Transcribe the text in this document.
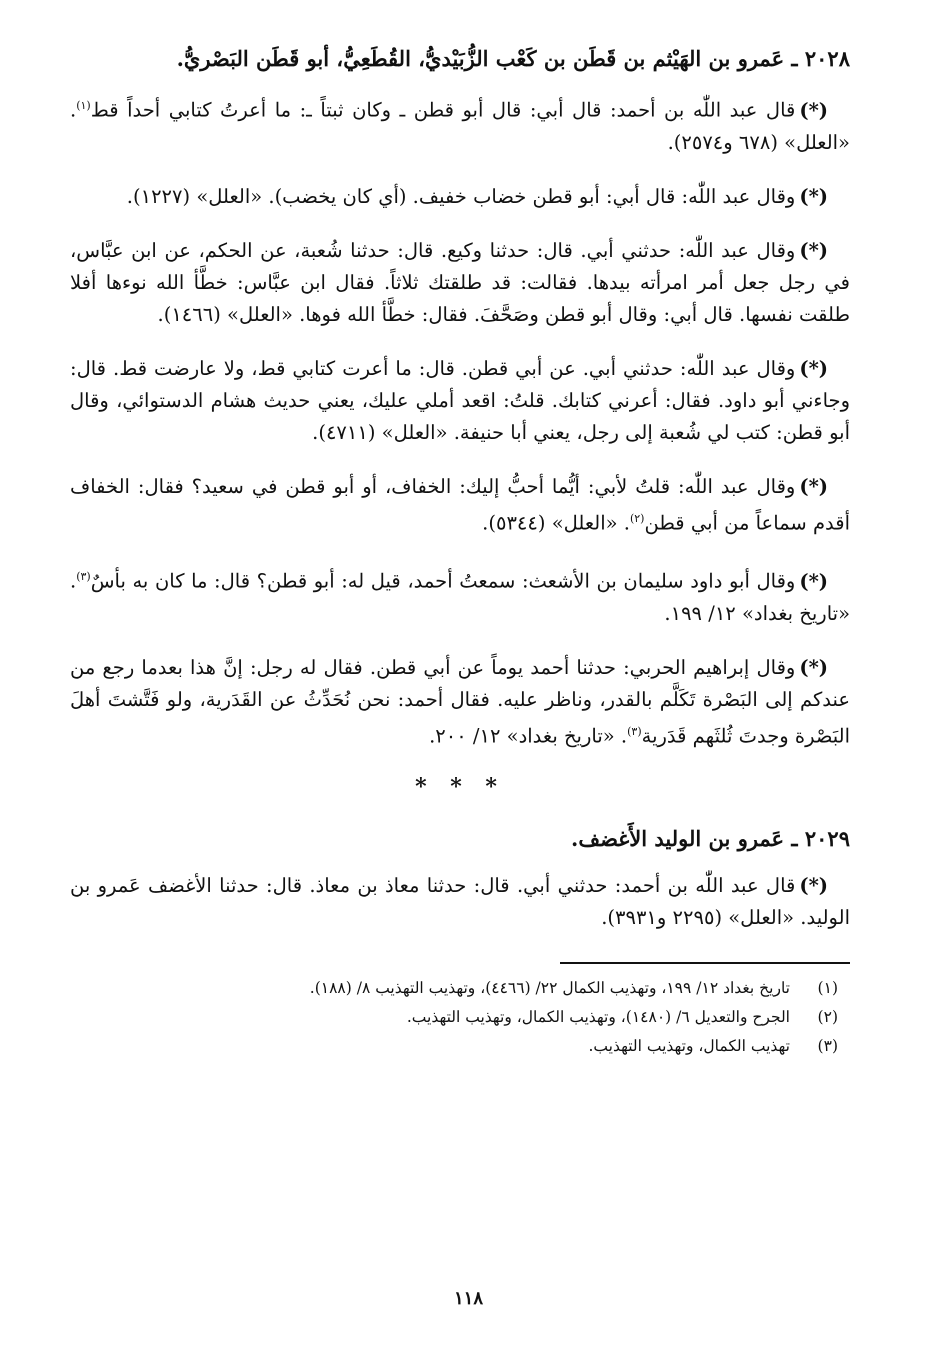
٢٠٢٨ ـ عَمرو بن الهَيْثم بن قَطَن بن كَعْب الزُّبَيْديُّ، القُطَعِيُّ، أبو قَطَن البَصْريُّ.

(*)قال عبد اللّٰه بن أحمد: قال أبي: قال أبو قطن ـ وكان ثبتاً ـ: ما أعرتُ كتابي أحداً قط$^{(١)}$. «العلل» (٦٧٨ و٢٥٧٤).

(*)وقال عبد اللّٰه: قال أبي: أبو قطن خضاب خفيف. (أي كان يخضب). «العلل» (١٢٢٧).

(*)وقال عبد اللّٰه: حدثني أبي. قال: حدثنا وكيع. قال: حدثنا شُعبة، عن الحكم، عن ابن عبَّاس، في رجل جعل أمر امرأته بيدها. فقالت: قد طلقتك ثلاثاً. فقال ابن عبَّاس: خطَّأ الله نوءها أفلا طلقت نفسها. قال أبي: وقال أبو قطن وصَحَّفَ. فقال: خطَّأ الله فوها. «العلل» (١٤٦٦).

(*)وقال عبد اللّٰه: حدثني أبي. عن أبي قطن. قال: ما أعرت كتابي قط، ولا عارضت قط. قال: وجاءني أبو داود. فقال: أعرني كتابك. قلتُ: اقعد أملي عليك، يعني حديث هشام الدستوائي، وقال أبو قطن: كتب لي شُعبة إلى رجل، يعني أبا حنيفة. «العلل» (٤٧١١).

(*)وقال عبد اللّٰه: قلتُ لأبي: أيُّما أحبُّ إليك: الخفاف، أو أبو قطن في سعيد؟ فقال: الخفاف أقدم سماعاً من أبي قطن$^{(٢)}$. «العلل» (٥٣٤٤).

(*)وقال أبو داود سليمان بن الأشعث: سمعتُ أحمد، قيل له: أبو قطن؟ قال: ما كان به بأسٌ$^{(٣)}$. «تاريخ بغداد» ١٢/ ١٩٩.

(*)وقال إبراهيم الحربي: حدثنا أحمد يوماً عن أبي قطن. فقال له رجل: إنَّ هذا بعدما رجع من عندكم إلى البَصْرة تَكَلَّم بالقدر، وناظر عليه. فقال أحمد: نحن نُحَدِّثُ عن القَدَرية، ولو فَتَّشتَ أهلَ البَصْرة وجدتَ ثُلثَهم قَدَرية$^{(٣)}$. «تاريخ بغداد» ١٢/ ٢٠٠.

* * *
٢٠٢٩ ـ عَمرو بن الوليد الأَغضف.

(*)قال عبد اللّٰه بن أحمد: حدثني أبي. قال: حدثنا معاذ بن معاذ. قال: حدثنا الأغضف عَمرو بن الوليد. «العلل» (٢٢٩٥ و٣٩٣١).

(١)
تاريخ بغداد ١٢/ ١٩٩، وتهذيب الكمال ٢٢/ (٤٤٦٦)، وتهذيب التهذيب ٨/ (١٨٨).
(٢)
الجرح والتعديل ٦/ (١٤٨٠)، وتهذيب الكمال، وتهذيب التهذيب.
(٣)
تهذيب الكمال، وتهذيب التهذيب.
١١٨
